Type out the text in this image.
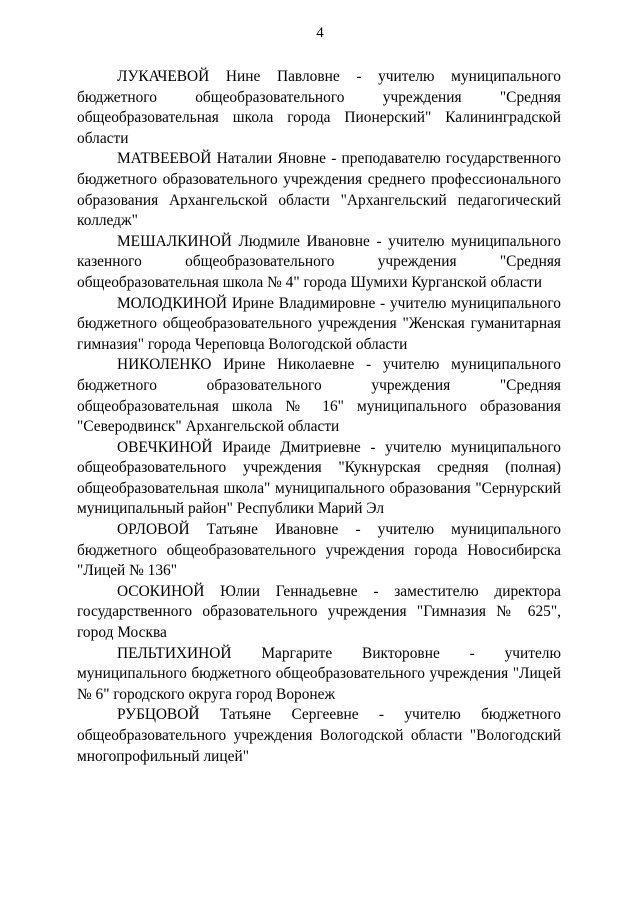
4

ЛУКАЧЕВОЙ Нине Павловне - учителю муниципального бюджетного общеобразовательного учреждения "Средняя общеобразовательная школа города Пионерский" Калининградской области

МАТВЕЕВОЙ Наталии Яновне - преподавателю государственного бюджетного образовательного учреждения среднего профессионального образования Архангельской области "Архангельский педагогический колледж"

МЕШАЛКИНОЙ Людмиле Ивановне - учителю муниципального казенного общеобразовательного учреждения "Средняя общеобразовательная школа № 4" города Шумихи Курганской области

МОЛОДКИНОЙ Ирине Владимировне - учителю муниципального бюджетного общеобразовательного учреждения "Женская гуманитарная гимназия" города Череповца Вологодской области

НИКОЛЕНКО Ирине Николаевне - учителю муниципального бюджетного образовательного учреждения "Средняя общеобразовательная школа № 16" муниципального образования "Северодвинск" Архангельской области

ОВЕЧКИНОЙ Ираиде Дмитриевне - учителю муниципального общеобразовательного учреждения "Кукнурская средняя (полная) общеобразовательная школа" муниципального образования "Сернурский муниципальный район" Республики Марий Эл

ОРЛОВОЙ Татьяне Ивановне - учителю муниципального бюджетного общеобразовательного учреждения города Новосибирска "Лицей № 136"

ОСОКИНОЙ Юлии Геннадьевне - заместителю директора государственного образовательного учреждения "Гимназия № 625", город Москва

ПЕЛЬТИХИНОЙ Маргарите Викторовне - учителю муниципального бюджетного общеобразовательного учреждения "Лицей № 6" городского округа город Воронеж

РУБЦОВОЙ Татьяне Сергеевне - учителю бюджетного общеобразовательного учреждения Вологодской области "Вологодский многопрофильный лицей"
